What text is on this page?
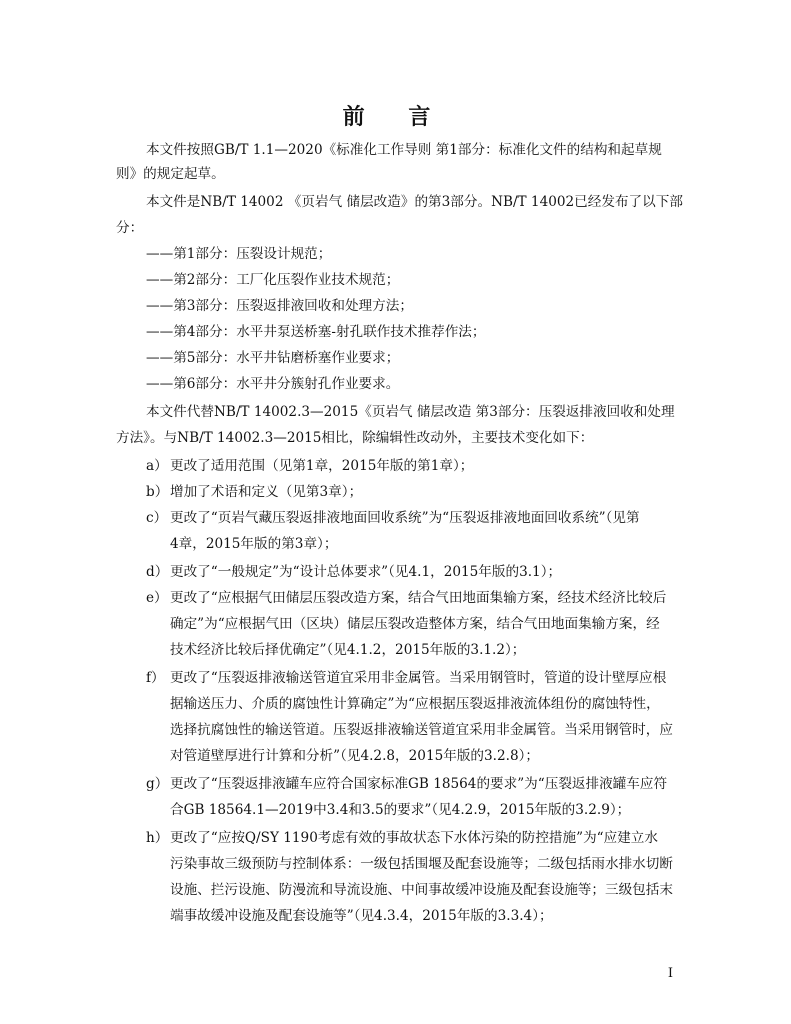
前 言
本文件按照GB/T 1.1—2020《标准化工作导则 第1部分：标准化文件的结构和起草规
则》的规定起草。
本文件是NB/T 14002 《页岩气 储层改造》的第3部分。NB/T 14002已经发布了以下部
分：
——第1部分：压裂设计规范；
——第2部分：工厂化压裂作业技术规范；
——第3部分：压裂返排液回收和处理方法；
——第4部分：水平井泵送桥塞-射孔联作技术推荐作法；
——第5部分：水平井钻磨桥塞作业要求；
——第6部分：水平井分簇射孔作业要求。
本文件代替NB/T 14002.3—2015《页岩气 储层改造 第3部分：压裂返排液回收和处理
方法》。与NB/T 14002.3—2015相比，除编辑性改动外，主要技术变化如下：
a） 更改了适用范围（见第1章，2015年版的第1章）；
b） 增加了术语和定义（见第3章）；
c） 更改了“页岩气藏压裂返排液地面回收系统”为“压裂返排液地面回收系统”（见第
4章，2015年版的第3章）；
d） 更改了“一般规定”为“设计总体要求”（见4.1，2015年版的3.1）；
e） 更改了“应根据气田储层压裂改造方案，结合气田地面集输方案，经技术经济比较后
确定”为“应根据气田（区块）储层压裂改造整体方案，结合气田地面集输方案，经
技术经济比较后择优确定”（见4.1.2，2015年版的3.1.2）；
f） 更改了“压裂返排液输送管道宜采用非金属管。当采用钢管时，管道的设计壁厚应根
据输送压力、介质的腐蚀性计算确定”为“应根据压裂返排液流体组份的腐蚀特性，
选择抗腐蚀性的输送管道。压裂返排液输送管道宜采用非金属管。当采用钢管时，应
对管道壁厚进行计算和分析”（见4.2.8，2015年版的3.2.8）；
g） 更改了“压裂返排液罐车应符合国家标准GB 18564的要求”为“压裂返排液罐车应符
合GB 18564.1—2019中3.4和3.5的要求”（见4.2.9，2015年版的3.2.9）；
h） 更改了“应按Q/SY 1190考虑有效的事故状态下水体污染的防控措施”为“应建立水
污染事故三级预防与控制体系：一级包括围堰及配套设施等；二级包括雨水排水切断
设施、拦污设施、防漫流和导流设施、中间事故缓冲设施及配套设施等；三级包括末
端事故缓冲设施及配套设施等”（见4.3.4，2015年版的3.3.4）；
I
